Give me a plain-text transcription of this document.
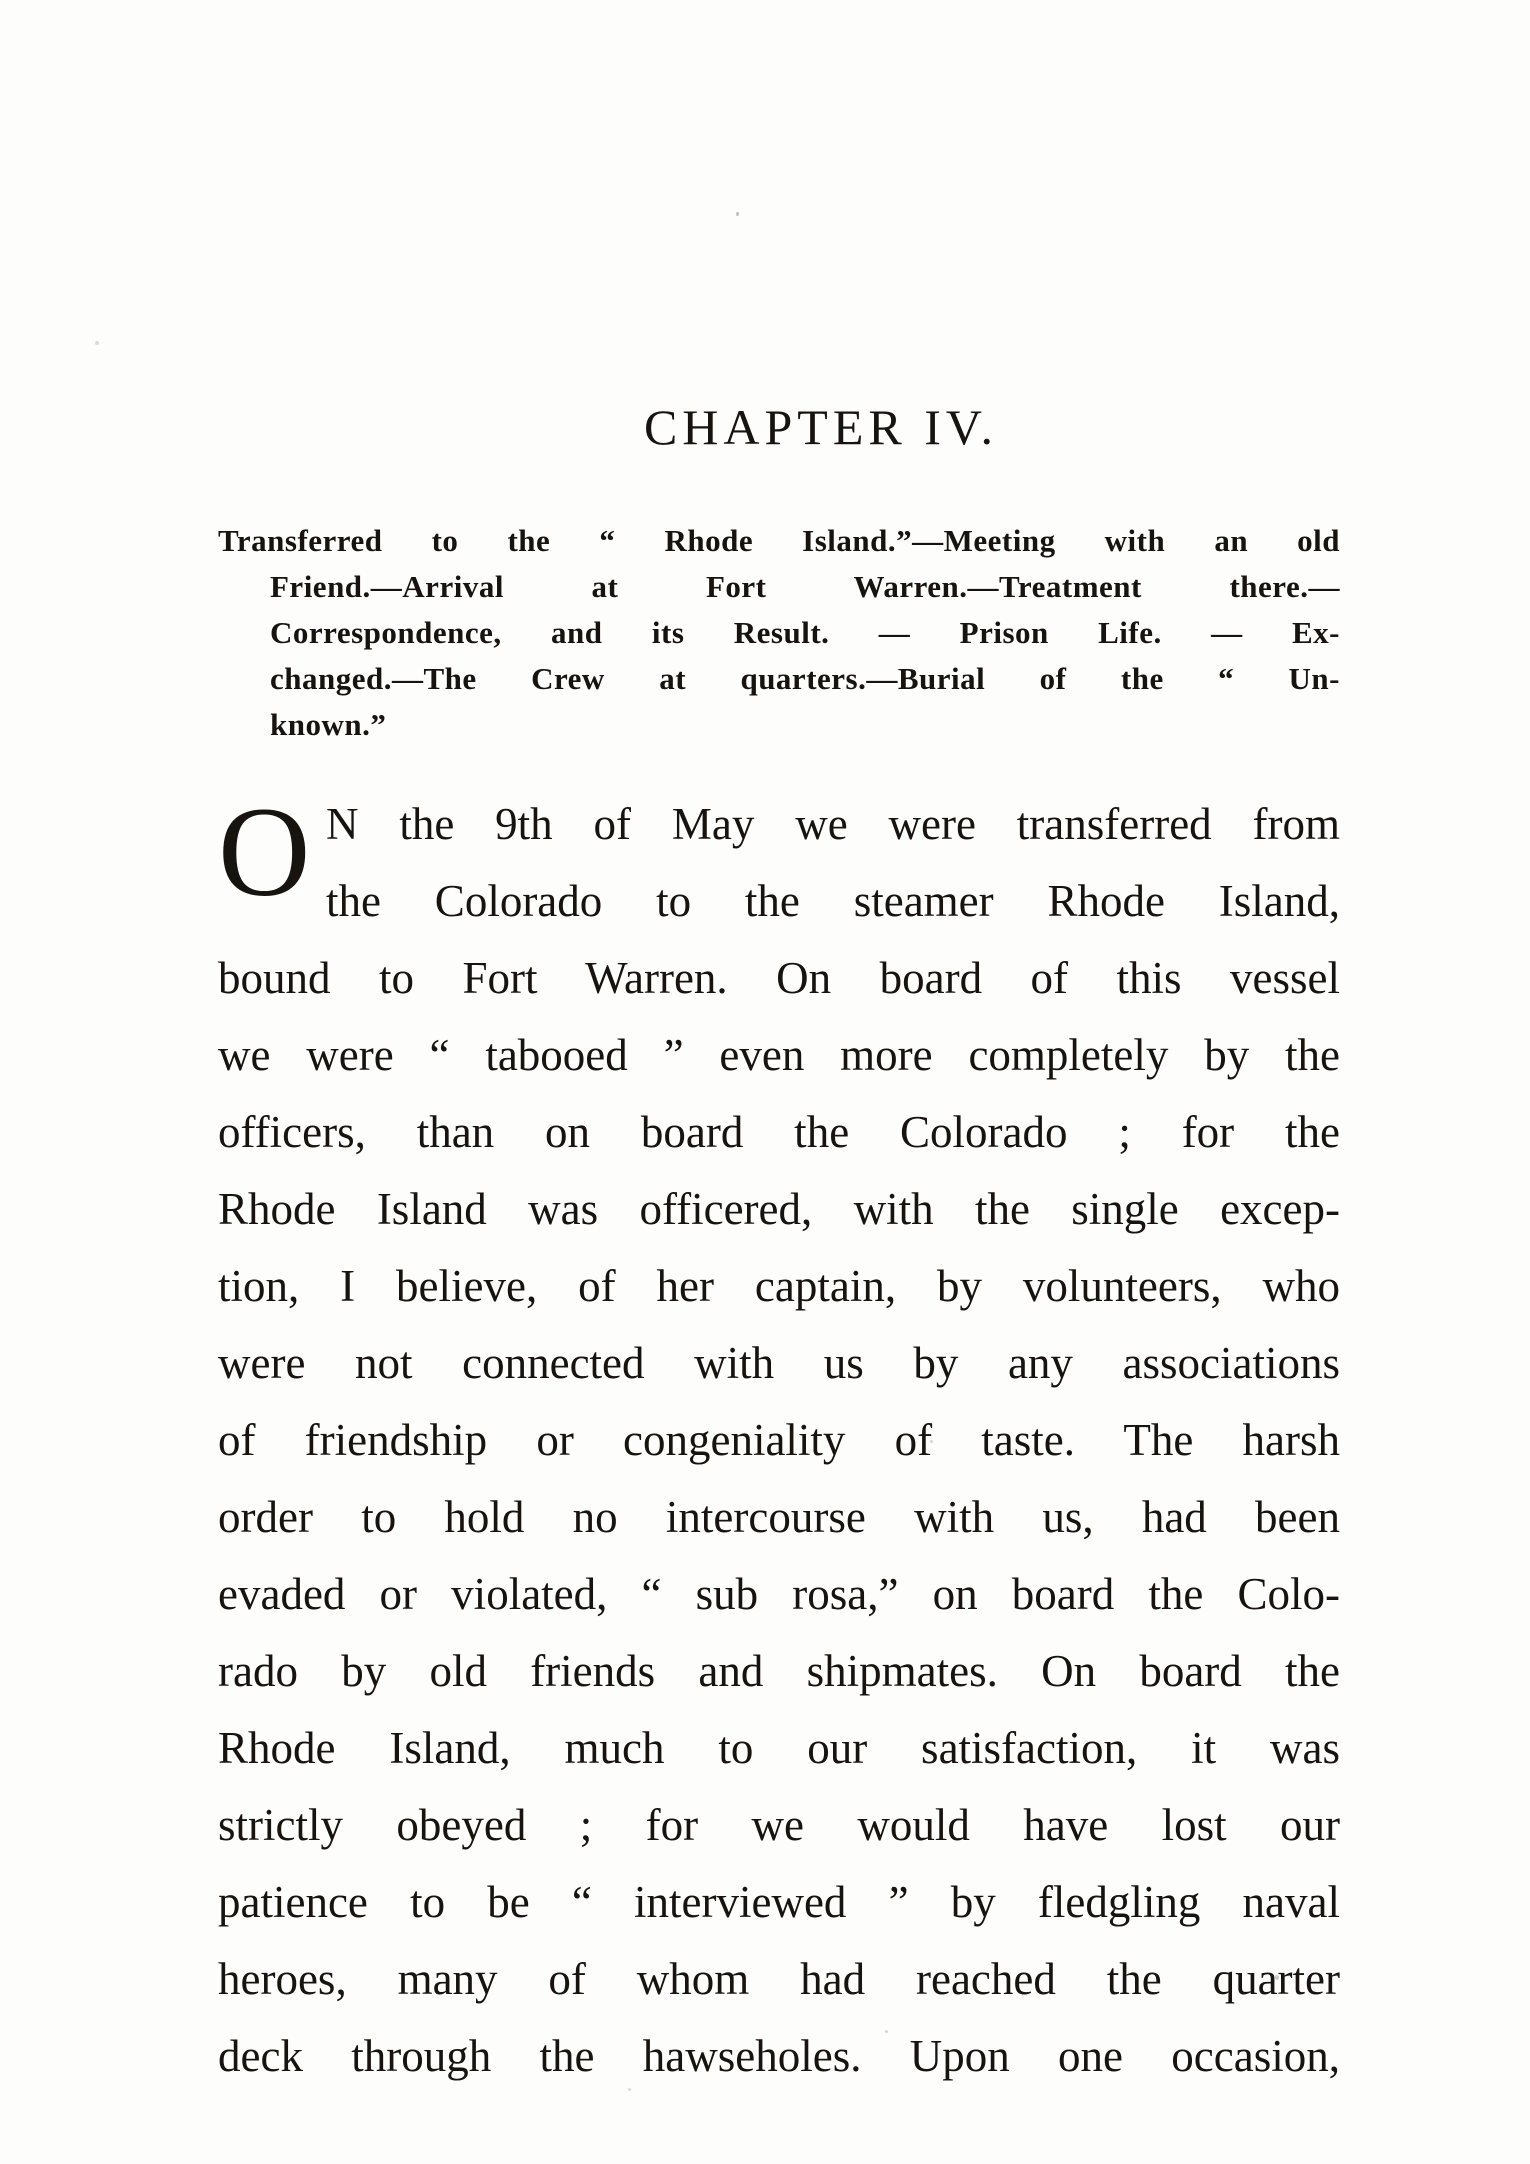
CHAPTER IV.
Transferred to the “ Rhode Island.”—Meeting with an old
Friend.—Arrival at Fort Warren.—Treatment there.—
Correspondence, and its Result. — Prison Life. — Ex-
changed.—The Crew at quarters.—Burial of the “ Un-
known.”
O N the 9th of May we were transferred from
the Colorado to the steamer Rhode Island,
bound to Fort Warren. On board of this vessel
we were “ tabooed ” even more completely by the
officers, than on board the Colorado ; for the
Rhode Island was officered, with the single excep-
tion, I believe, of her captain, by volunteers, who
were not connected with us by any associations
of friendship or congeniality of taste. The harsh
order to hold no intercourse with us, had been
evaded or violated, “ sub rosa,” on board the Colo-
rado by old friends and shipmates. On board the
Rhode Island, much to our satisfaction, it was
strictly obeyed ; for we would have lost our
patience to be “ interviewed ” by fledgling naval
heroes, many of whom had reached the quarter
deck through the hawseholes. Upon one occasion,
